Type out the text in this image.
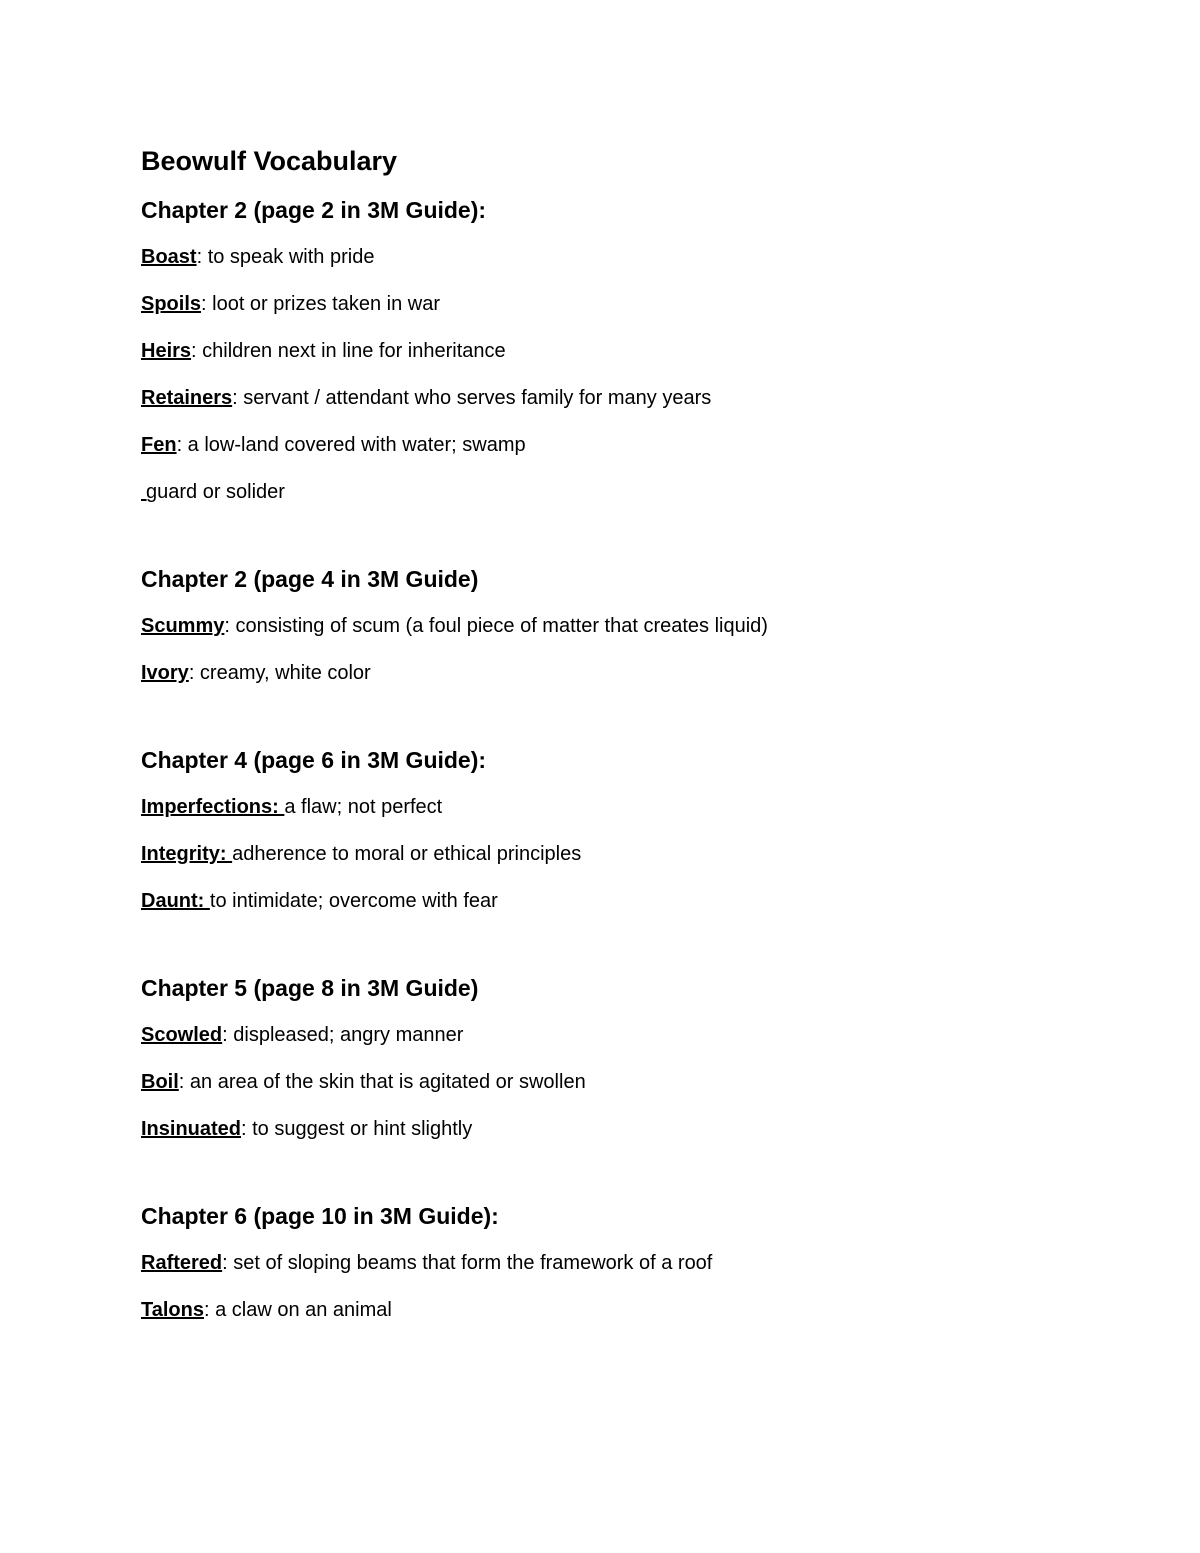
Beowulf Vocabulary
Chapter 2 (page 2 in 3M Guide):
Boast: to speak with pride
Spoils: loot or prizes taken in war
Heirs: children next in line for inheritance
Retainers: servant / attendant who serves family for many years
Fen: a low-land covered with water; swamp
guard or solider
Chapter 2 (page 4 in 3M Guide)
Scummy: consisting of scum (a foul piece of matter that creates liquid)
Ivory: creamy, white color
Chapter 4 (page 6 in 3M Guide):
Imperfections: a flaw; not perfect
Integrity: adherence to moral or ethical principles
Daunt: to intimidate; overcome with fear
Chapter 5 (page 8 in 3M Guide)
Scowled: displeased; angry manner
Boil: an area of the skin that is agitated or swollen
Insinuated: to suggest or hint slightly
Chapter 6 (page 10 in 3M Guide):
Raftered: set of sloping beams that form the framework of a roof
Talons: a claw on an animal
